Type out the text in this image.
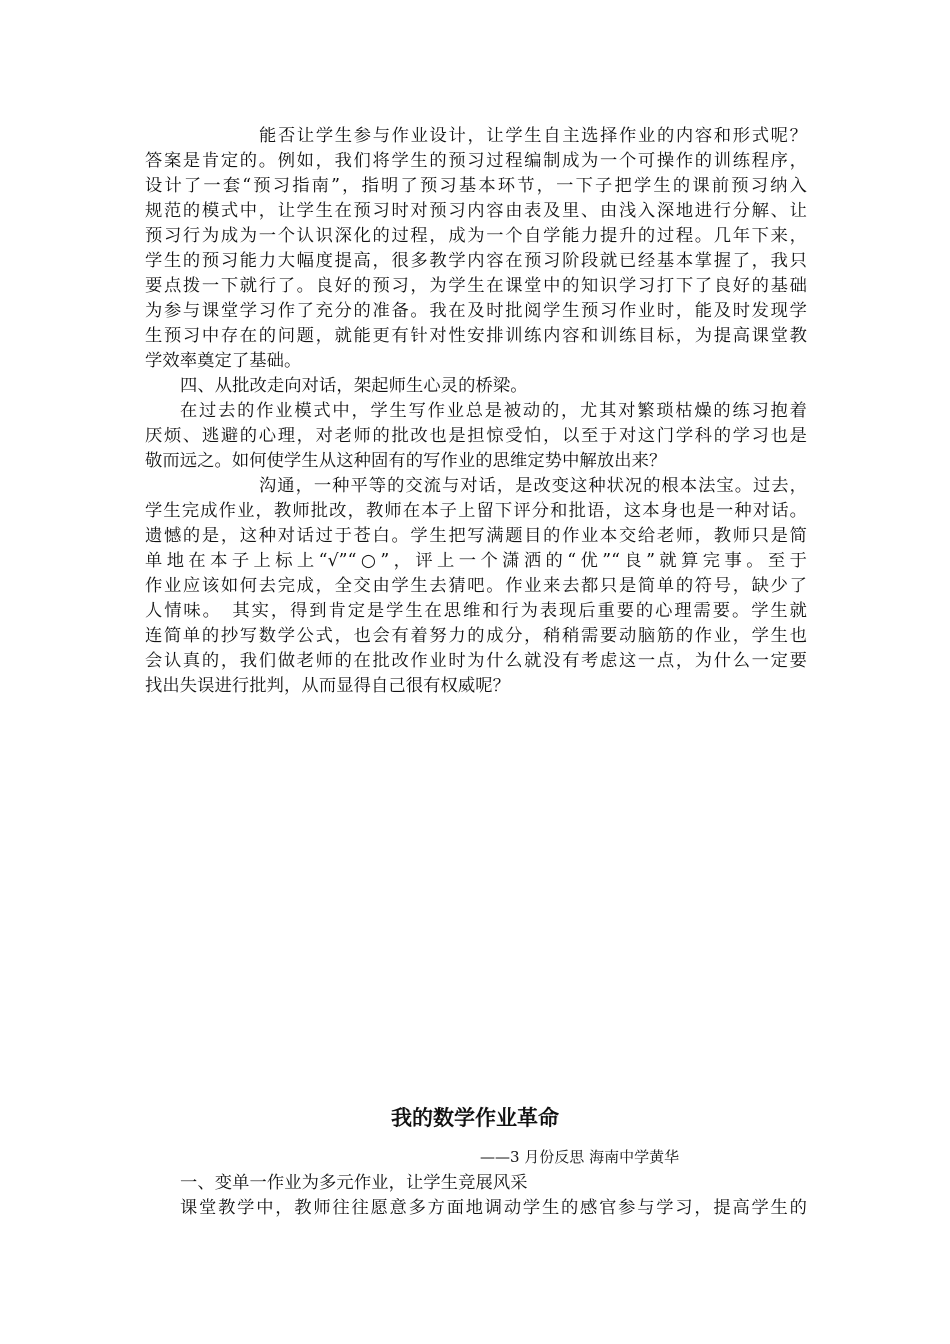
能否让学生参与作业设计，让学生自主选择作业的内容和形式呢？
答案是肯定的。例如，我们将学生的预习过程编制成为一个可操作的训练程序，
设计了一套“预习指南”，指明了预习基本环节，一下子把学生的课前预习纳入
规范的模式中，让学生在预习时对预习内容由表及里、由浅入深地进行分解、让
预习行为成为一个认识深化的过程，成为一个自学能力提升的过程。几年下来，
学生的预习能力大幅度提高，很多教学内容在预习阶段就已经基本掌握了，我只
要点拨一下就行了。良好的预习，为学生在课堂中的知识学习打下了良好的基础
为参与课堂学习作了充分的准备。我在及时批阅学生预习作业时，能及时发现学
生预习中存在的问题，就能更有针对性安排训练内容和训练目标，为提高课堂教
学效率奠定了基础。
四、从批改走向对话，架起师生心灵的桥梁。
在过去的作业模式中，学生写作业总是被动的，尤其对繁琐枯燥的练习抱着
厌烦、逃避的心理，对老师的批改也是担惊受怕，以至于对这门学科的学习也是
敬而远之。如何使学生从这种固有的写作业的思维定势中解放出来？
沟通，一种平等的交流与对话，是改变这种状况的根本法宝。过去，
学生完成作业，教师批改，教师在本子上留下评分和批语，这本身也是一种对话。
遗憾的是，这种对话过于苍白。学生把写满题目的作业本交给老师，教师只是简
单地在本子上标上“√”“○”，评上一个潇洒的“优”“良”就算完事。至于
作业应该如何去完成，全交由学生去猜吧。作业来去都只是简单的符号，缺少了
人情味。　其实，得到肯定是学生在思维和行为表现后重要的心理需要。学生就
连简单的抄写数学公式，也会有着努力的成分，稍稍需要动脑筋的作业，学生也
会认真的，我们做老师的在批改作业时为什么就没有考虑这一点，为什么一定要
找出失误进行批判，从而显得自己很有权威呢？
我的数学作业革命
——3 月份反思 海南中学黄华
一、变单一作业为多元作业，让学生竞展风采
课堂教学中，教师往往愿意多方面地调动学生的感官参与学习，提高学生的
